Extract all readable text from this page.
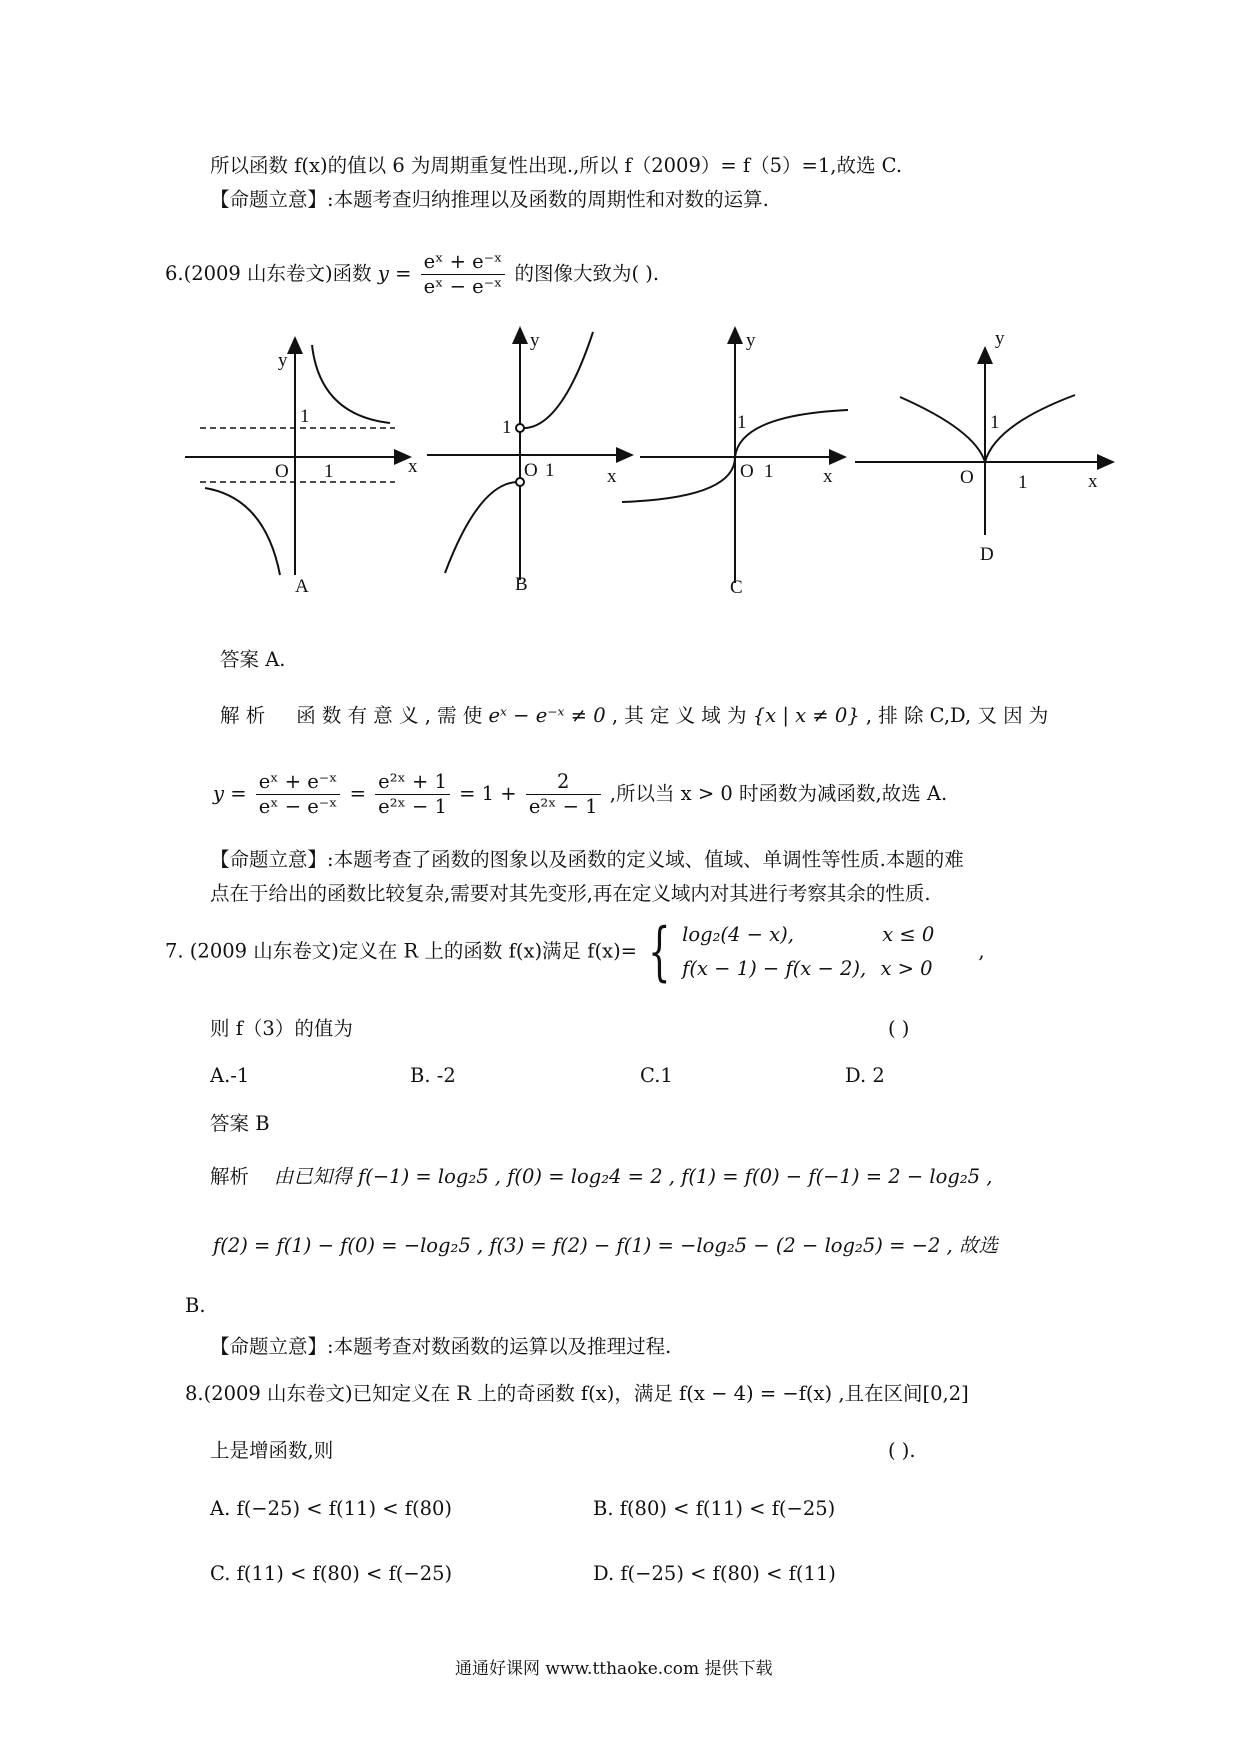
所以函数 f(x)的值以 6 为周期重复性出现.,所以 f（2009）= f（5）=1,故选 C.
【命题立意】:本题考查归纳推理以及函数的周期性和对数的运算.
6.(2009 山东卷文)函数 $y = \frac{\text{eˣ + e⁻ˣ}}{\text{eˣ − e⁻ˣ}}$ 的图像大致为( ).
y
x
O
1
1
A
y
x
O 1
1
B
y
x
O 1
1
C
y
x
O 1
1
D
答案 A.
解 析 函 数 有 意 义 , 需 使 eˣ − e⁻ˣ ≠ 0 , 其 定 义 域 为 {x | x ≠ 0} , 排 除 C,D, 又 因 为
$y = \frac{\text{eˣ + e⁻ˣ}}{\text{eˣ − e⁻ˣ}} = \frac{\text{e²ˣ + 1}}{\text{e²ˣ − 1}} = 1 + \frac{2}{\text{e²ˣ − 1}}$ ,所以当 x > 0 时函数为减函数,故选 A.
【命题立意】:本题考查了函数的图象以及函数的定义域、值域、单调性等性质.本题的难
点在于给出的函数比较复杂,需要对其先变形,再在定义域内对其进行考察其余的性质.
7. (2009 山东卷文)定义在 R 上的函数 f(x)满足 f(x)= { log₂(4 − x),	x ≤ 0
f(x − 1) − f(x − 2), x > 0
,
则 f（3）的值为	( )
A.-1	B. -2	C.1	D. 2
答案 B
解析 由已知得 f(−1) = log₂5 , f(0) = log₂4 = 2 , f(1) = f(0) − f(−1) = 2 − log₂5 ,
f(2) = f(1) − f(0) = −log₂5 , f(3) = f(2) − f(1) = −log₂5 − (2 − log₂5) = −2 , 故选
B.
【命题立意】:本题考查对数函数的运算以及推理过程.
8.(2009 山东卷文)已知定义在 R 上的奇函数 f(x)，满足 f(x − 4) = −f(x) ,且在区间[0,2]
上是增函数,则	( ).
A. f(−25) < f(11) < f(80)	B. f(80) < f(11) < f(−25)
C. f(11) < f(80) < f(−25)	D. f(−25) < f(80) < f(11)
通通好课网 www.tthaoke.com 提供下载
